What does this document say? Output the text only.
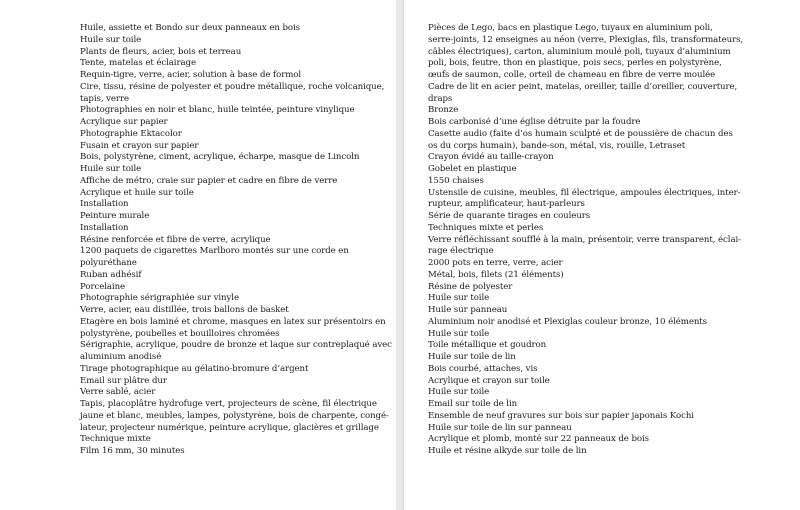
Huile, assiette et Bondo sur deux panneaux en bois
Huile sur toile
Plants de fleurs, acier, bois et terreau
Tente, matelas et éclairage
Requin-tigre, verre, acier, solution à base de formol
Cire, tissu, résine de polyester et poudre métallique, roche volcanique,
tapis, verre
Photographies en noir et blanc, huile teintée, peinture vinylique
Acrylique sur papier
Photographie Ektacolor
Fusain et crayon sur papier
Bois, polystyrène, ciment, acrylique, écharpe, masque de Lincoln
Huile sur toile
Affiche de métro, craie sur papier et cadre en fibre de verre
Acrylique et huile sur toile
Installation
Peinture murale
Installation
Résine renforcée et fibre de verre, acrylique
1200 paquets de cigarettes Marlboro montés sur une corde en
polyuréthane
Ruban adhésif
Porcelaine
Photographie sérigraphiée sur vinyle
Verre, acier, eau distillée, trois ballons de basket
Etagère en bois laminé et chrome, masques en latex sur présentoirs en
polystyrène, poubelles et bouilloires chromées
Sérigraphie, acrylique, poudre de bronze et laque sur contreplaqué avec
aluminium anodisé
Tirage photographique au gélatino-bromure d’argent
Email sur plâtre dur
Verre sablé, acier
Tapis, placoplâtre hydrofuge vert, projecteurs de scène, fil électrique
jaune et blanc, meubles, lampes, polystyrène, bois de charpente, congé-
lateur, projecteur numérique, peinture acrylique, glacières et grillage
Technique mixte
Film 16 mm, 30 minutes
Pièces de Lego, bacs en plastique Lego, tuyaux en aluminium poli,
serre-joints, 12 enseignes au néon (verre, Plexiglas, fils, transformateurs,
câbles électriques), carton, aluminium moulé poli, tuyaux d’aluminium
poli, bois, feutre, thon en plastique, pois secs, perles en polystyrène,
œufs de saumon, colle, orteil de chameau en fibre de verre moulée
Cadre de lit en acier peint, matelas, oreiller, taille d’oreiller, couverture,
draps
Bronze
Bois carbonisé d’une église détruite par la foudre
Casette audio (faite d’os humain sculpté et de poussière de chacun des
os du corps humain), bande-son, métal, vis, rouille, Letraset
Crayon évidé au taille-crayon
Gobelet en plastique
1550 chaises
Ustensile de cuisine, meubles, fil électrique, ampoules électriques, inter-
rupteur, amplificateur, haut-parleurs
Série de quarante tirages en couleurs
Techniques mixte et perles
Verre réfléchissant soufflé à la main, présentoir, verre transparent, éclai-
rage électrique
2000 pots en terre, verre, acier
Métal, bois, filets (21 éléments)
Résine de polyester
Huile sur toile
Huile sur panneau
Aluminium noir anodisé et Plexiglas couleur bronze, 10 éléments
Huile sur toile
Toile métallique et goudron
Huile sur toile de lin
Bois courbé, attaches, vis
Acrylique et crayon sur toile
Huile sur toile
Email sur toile de lin
Ensemble de neuf gravures sur bois sur papier japonais Kochi
Huile sur toile de lin sur panneau
Acrylique et plomb, monté sur 22 panneaux de bois
Huile et résine alkyde sur toile de lin
